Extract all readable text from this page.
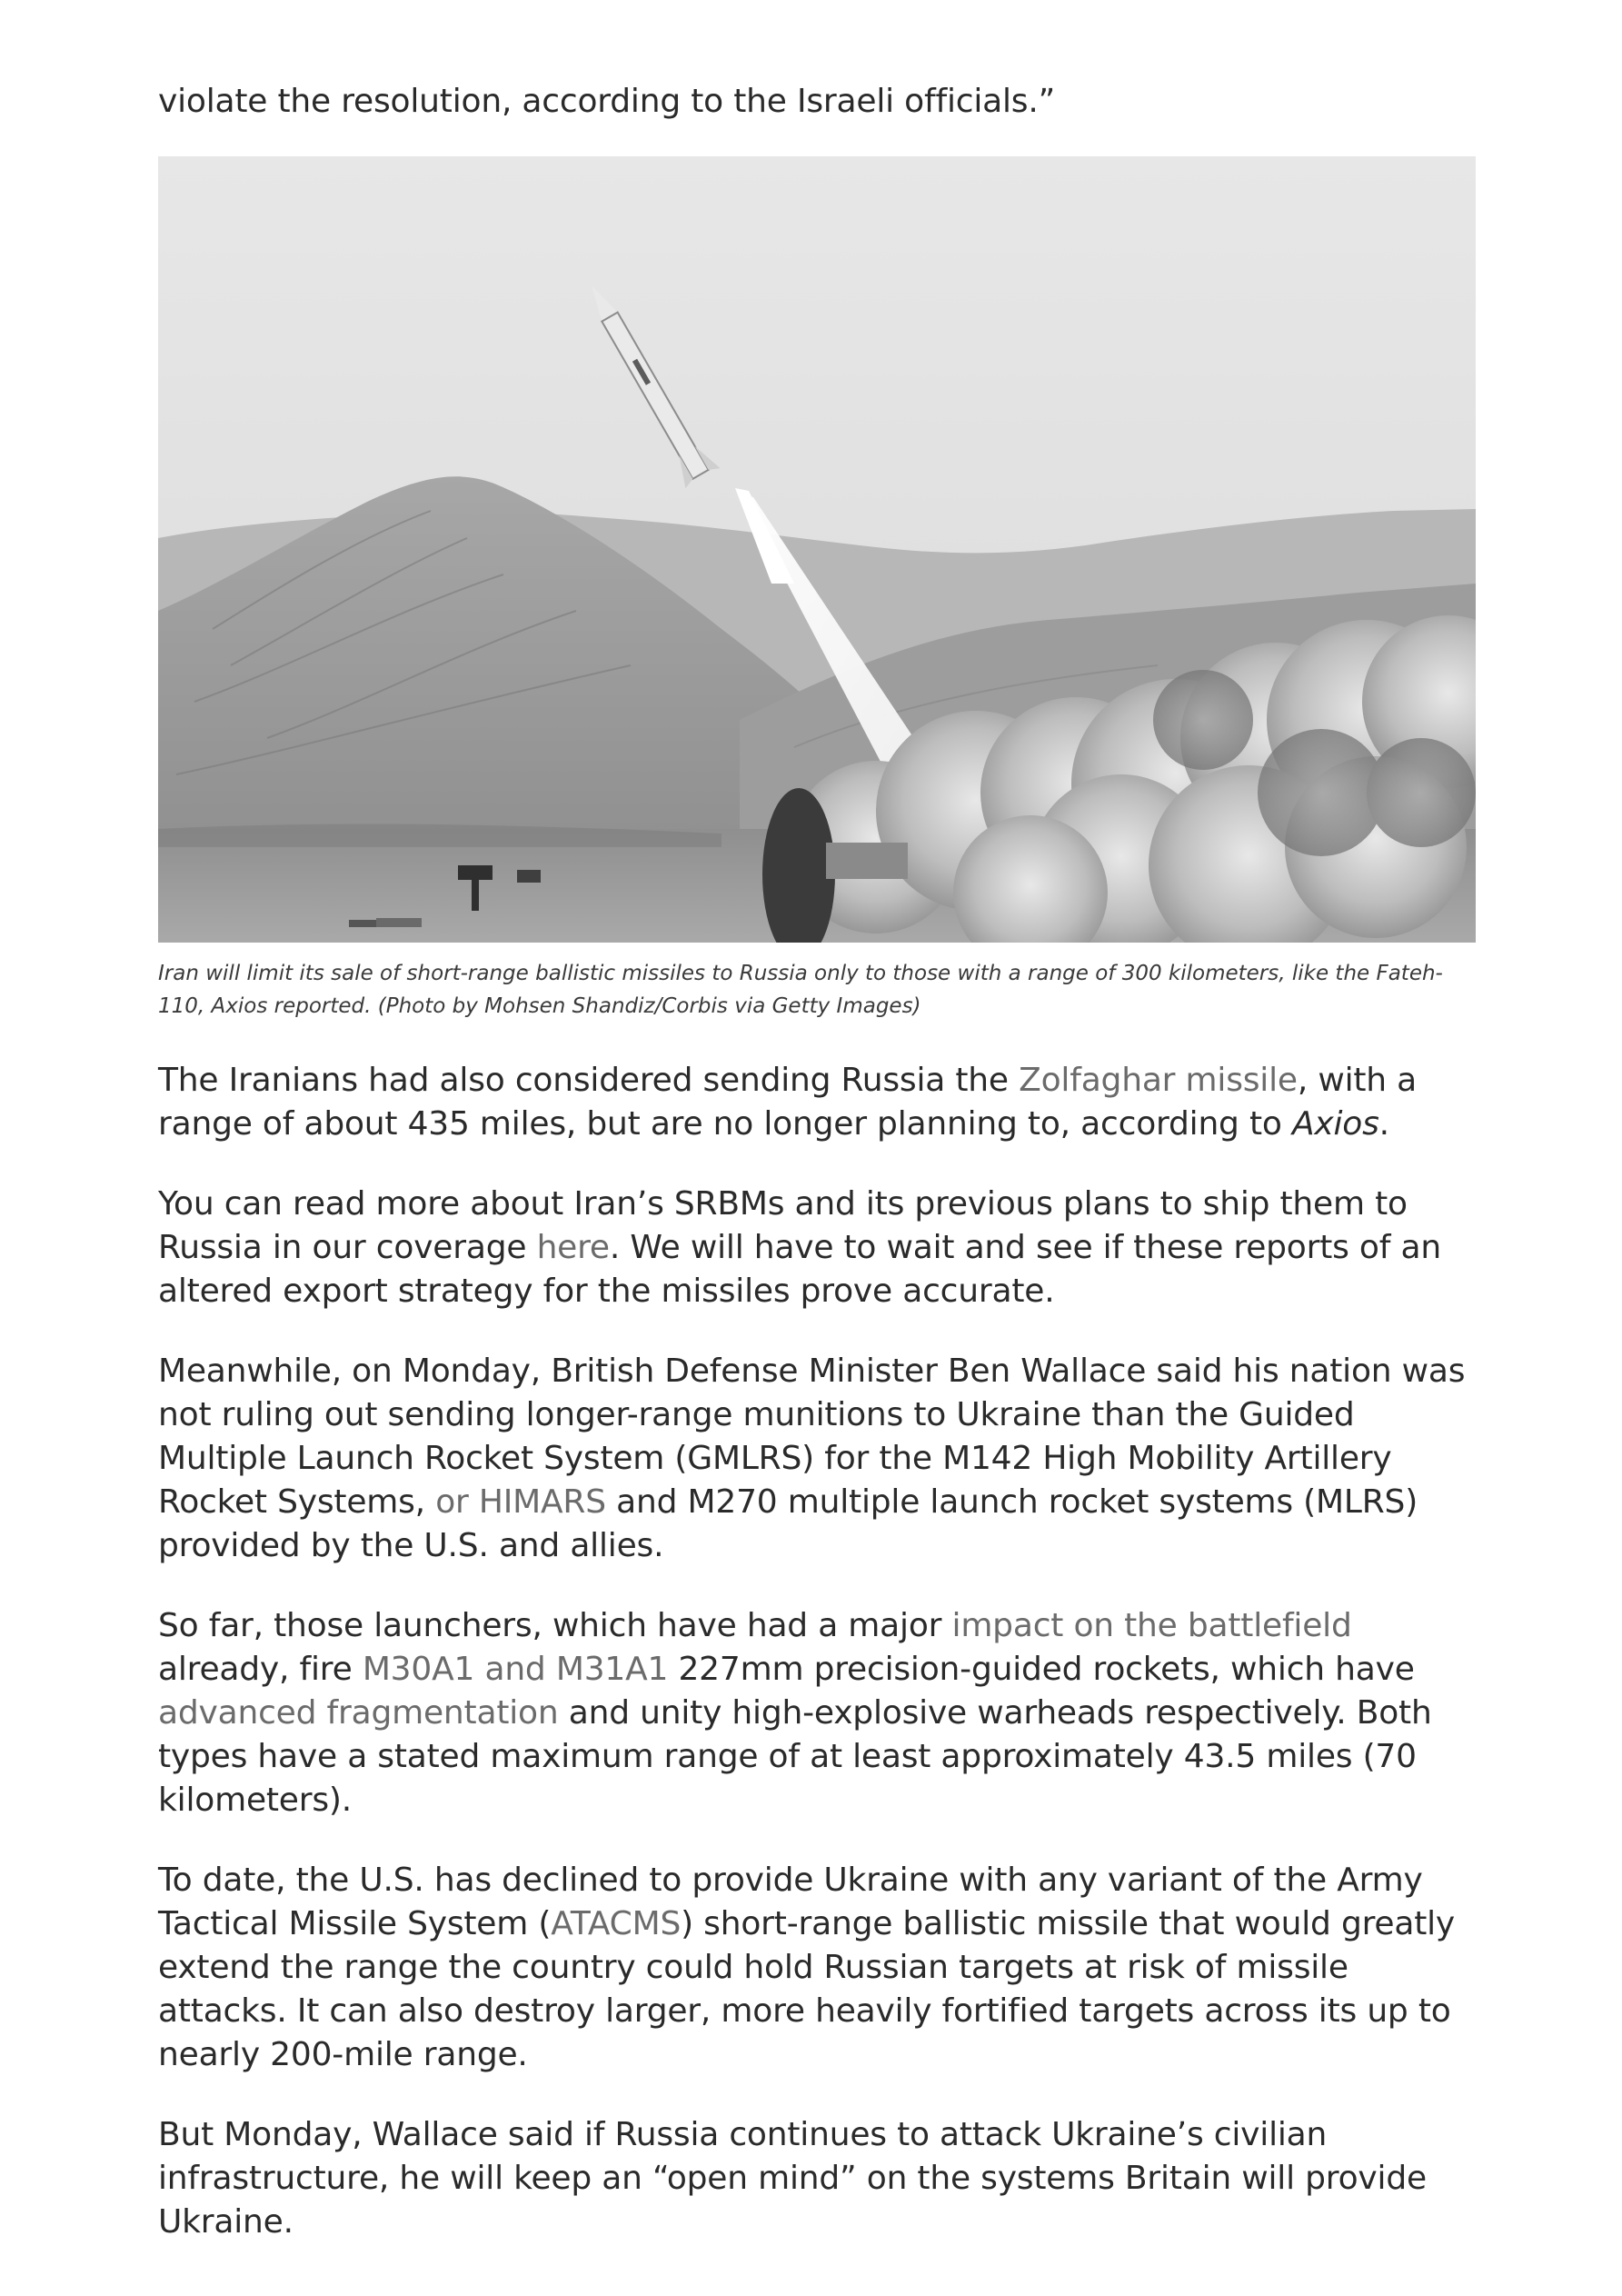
violate the resolution, according to the Israeli officials.”

Iran will limit its sale of short-range ballistic missiles to Russia only to those with a range of 300 kilometers, like the Fateh-110, Axios reported. (Photo by Mohsen Shandiz/Corbis via Getty Images)

The Iranians had also considered sending Russia the Zolfaghar missile, with a range of about 435 miles, but are no longer planning to, according to Axios.

You can read more about Iran’s SRBMs and its previous plans to ship them to Russia in our coverage here. We will have to wait and see if these reports of an altered export strategy for the missiles prove accurate.

Meanwhile, on Monday, British Defense Minister Ben Wallace said his nation was not ruling out sending longer-range munitions to Ukraine than the Guided Multiple Launch Rocket System (GMLRS) for the M142 High Mobility Artillery Rocket Systems, or HIMARS and M270 multiple launch rocket systems (MLRS) provided by the U.S. and allies.

So far, those launchers, which have had a major impact on the battlefield already, fire M30A1 and M31A1 227mm precision-guided rockets, which have advanced fragmentation and unity high-explosive warheads respectively. Both types have a stated maximum range of at least approximately 43.5 miles (70 kilometers).

To date, the U.S. has declined to provide Ukraine with any variant of the Army Tactical Missile System (ATACMS) short-range ballistic missile that would greatly extend the range the country could hold Russian targets at risk of missile attacks. It can also destroy larger, more heavily fortified targets across its up to nearly 200-mile range.

But Monday, Wallace said if Russia continues to attack Ukraine’s civilian infrastructure, he will keep an “open mind” on the systems Britain will provide Ukraine.
